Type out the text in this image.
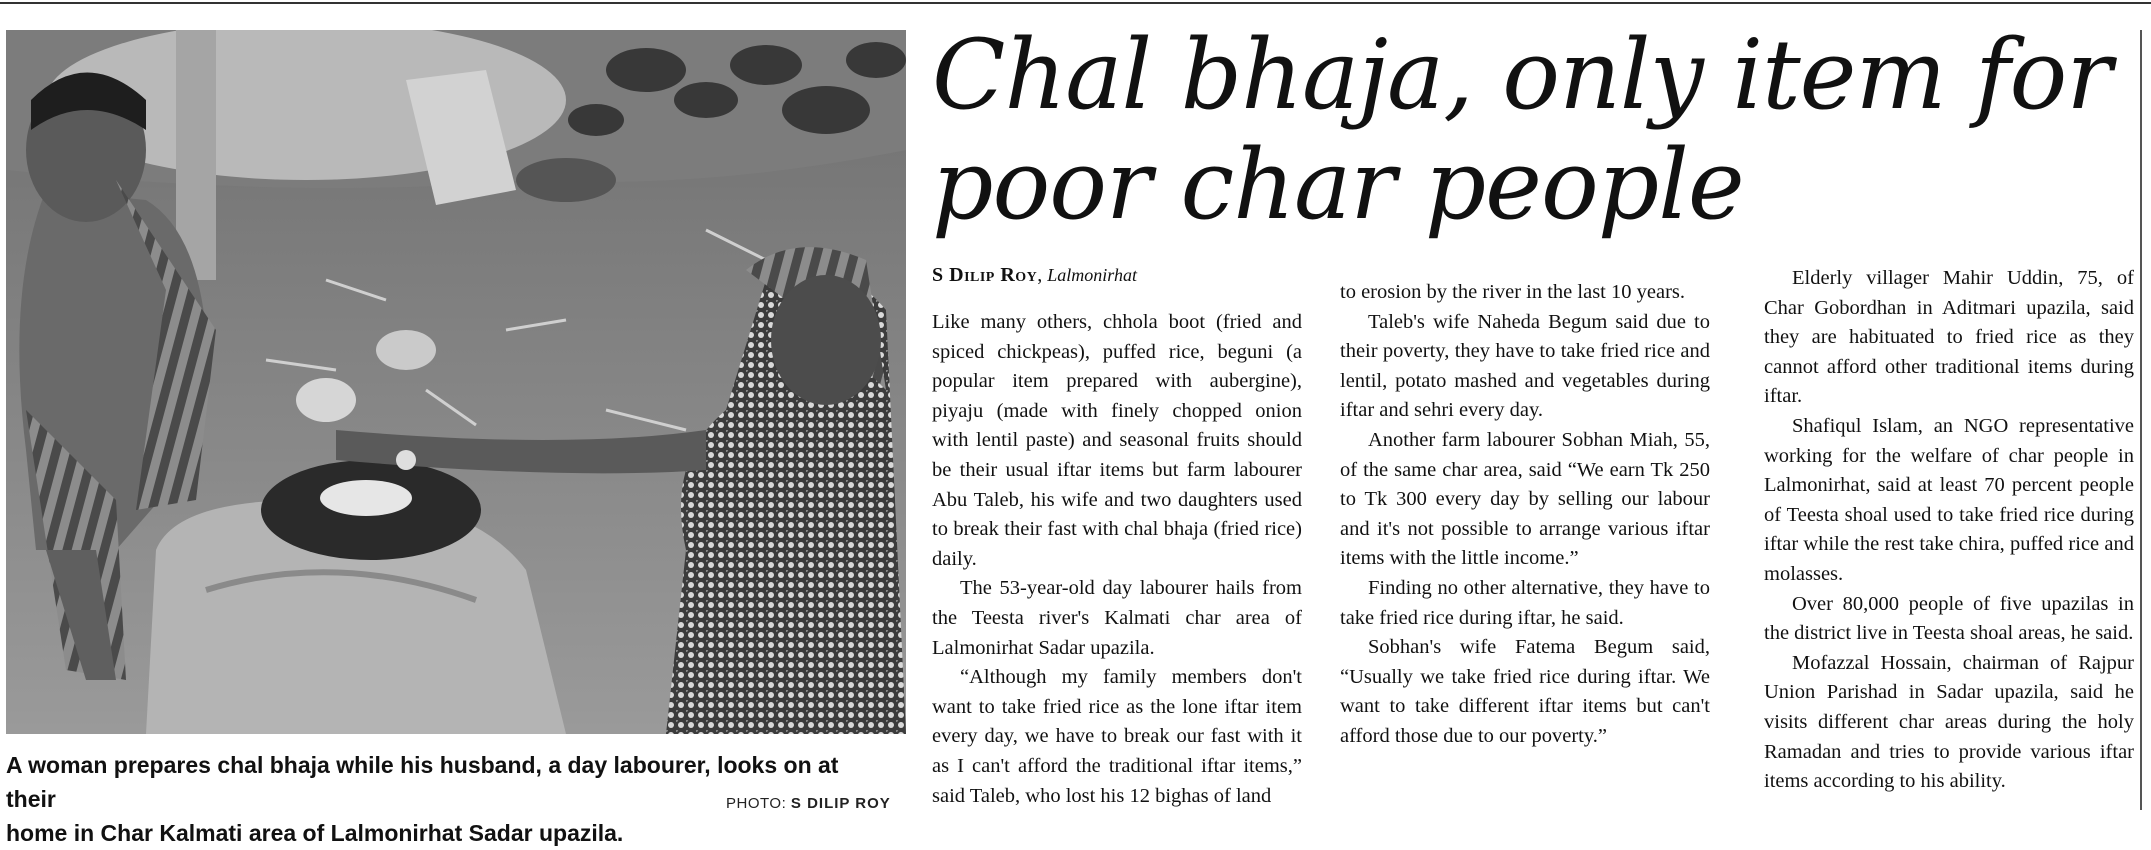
A woman prepares chal bhaja while his husband, a day labourer, looks on at their
home in Char Kalmati area of Lalmonirhat Sadar upazila.
PHOTO: S DILIP ROY
Chal bhaja, only item for
poor char people
S Dilip Roy, Lalmonirhat

Like many others, chhola boot (fried and spiced chickpeas), puffed rice, beguni (a popular item prepared with aubergine), piyaju (made with finely chopped onion with lentil paste) and seasonal fruits should be their usual iftar items but farm labourer Abu Taleb, his wife and two daughters used to break their fast with chal bhaja (fried rice) daily.

The 53-year-old day labourer hails from the Teesta river's Kalmati char area of Lalmonirhat Sadar upazila.

“Although my family members don't want to take fried rice as the lone iftar item every day, we have to break our fast with it as I can't afford the traditional iftar items,” said Taleb, who lost his 12 bighas of land

to erosion by the river in the last 10 years.

Taleb's wife Naheda Begum said due to their poverty, they have to take fried rice and lentil, potato mashed and vegetables during iftar and sehri every day.

Another farm labourer Sobhan Miah, 55, of the same char area, said “We earn Tk 250 to Tk 300 every day by selling our labour and it's not possible to arrange various iftar items with the little income.”

Finding no other alternative, they have to take fried rice during iftar, he said.

Sobhan's wife Fatema Begum said, “Usually we take fried rice during iftar. We want to take different iftar items but can't afford those due to our poverty.”

Elderly villager Mahir Uddin, 75, of Char Gobordhan in Aditmari upazila, said they are habituated to fried rice as they cannot afford other traditional items during iftar.

Shafiqul Islam, an NGO representative working for the welfare of char people in Lalmonirhat, said at least 70 percent people of Teesta shoal used to take fried rice during iftar while the rest take chira, puffed rice and molasses.

Over 80,000 people of five upazilas in the district live in Teesta shoal areas, he said.

Mofazzal Hossain, chairman of Rajpur Union Parishad in Sadar upazila, said he visits different char areas during the holy Ramadan and tries to provide various iftar items according to his ability.
